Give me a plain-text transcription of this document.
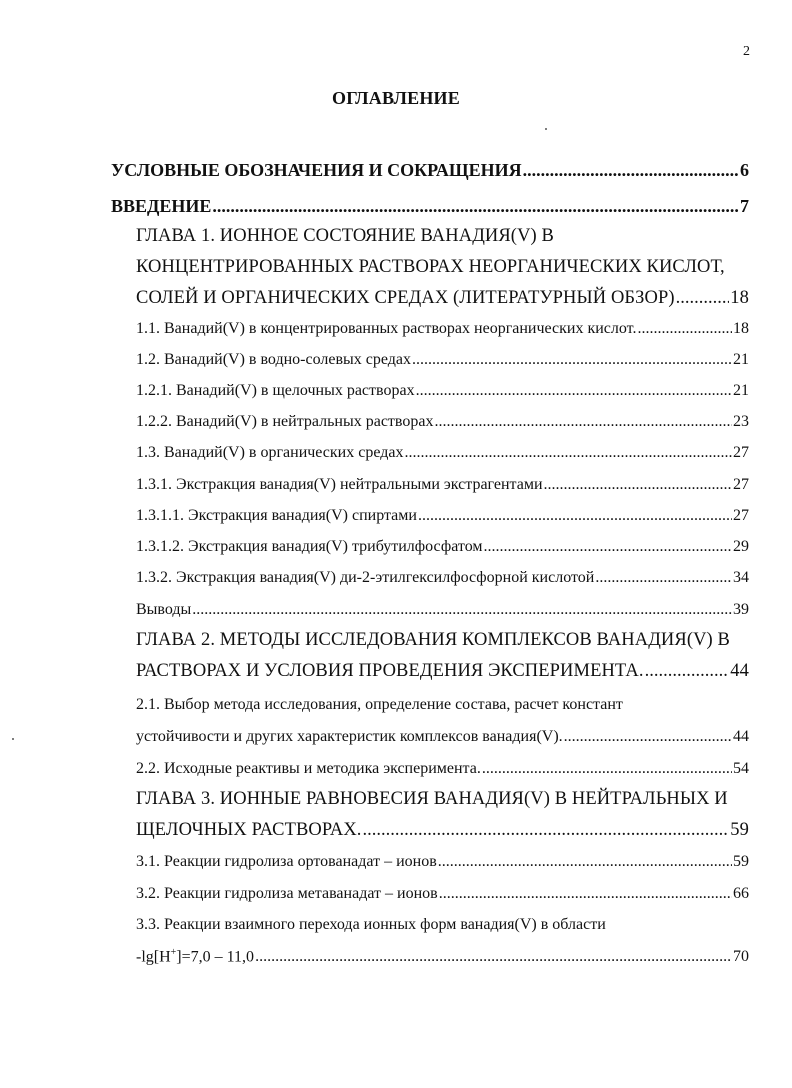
2
ОГЛАВЛЕНИЕ
УСЛОВНЫЕ ОБОЗНАЧЕНИЯ И СОКРАЩЕНИЯ .....	6
ВВЕДЕНИЕ .....	7
ГЛАВА 1. ИОННОЕ СОСТОЯНИЕ ВАНАДИЯ(V) В
КОНЦЕНТРИРОВАННЫХ РАСТВОРАХ НЕОРГАНИЧЕСКИХ КИСЛОТ,
СОЛЕЙ И ОРГАНИЧЕСКИХ СРЕДАХ (ЛИТЕРАТУРНЫЙ ОБЗОР) .....	18
1.1. Ванадий(V) в концентрированных растворах неорганических кислот. .....	18
1.2. Ванадий(V) в водно-солевых средах .....	21
1.2.1. Ванадий(V) в щелочных растворах .....	21
1.2.2. Ванадий(V) в нейтральных растворах .....	23
1.3. Ванадий(V) в органических средах .....	27
1.3.1. Экстракция ванадия(V) нейтральными экстрагентами .....	27
1.3.1.1. Экстракция ванадия(V) спиртами .....	27
1.3.1.2. Экстракция ванадия(V) трибутилфосфатом .....	29
1.3.2. Экстракция ванадия(V) ди-2-этилгексилфосфорной кислотой .....	34
Выводы .....	39
ГЛАВА 2. МЕТОДЫ ИССЛЕДОВАНИЯ КОМПЛЕКСОВ ВАНАДИЯ(V) В
РАСТВОРАХ И УСЛОВИЯ ПРОВЕДЕНИЯ ЭКСПЕРИМЕНТА. .....	44
2.1. Выбор метода исследования, определение состава, расчет констант
устойчивости и других характеристик комплексов ванадия(V). .....	44
2.2. Исходные реактивы и методика эксперимента. .....	54
ГЛАВА 3. ИОННЫЕ РАВНОВЕСИЯ ВАНАДИЯ(V) В НЕЙТРАЛЬНЫХ И
ЩЕЛОЧНЫХ РАСТВОРАХ. .....	59
3.1. Реакции гидролиза ортованадат – ионов .....	59
3.2. Реакции гидролиза метаванадат – ионов .....	66
3.3. Реакции взаимного перехода ионных форм ванадия(V) в области
-lg[H+]=7,0 – 11,0 .....	70
